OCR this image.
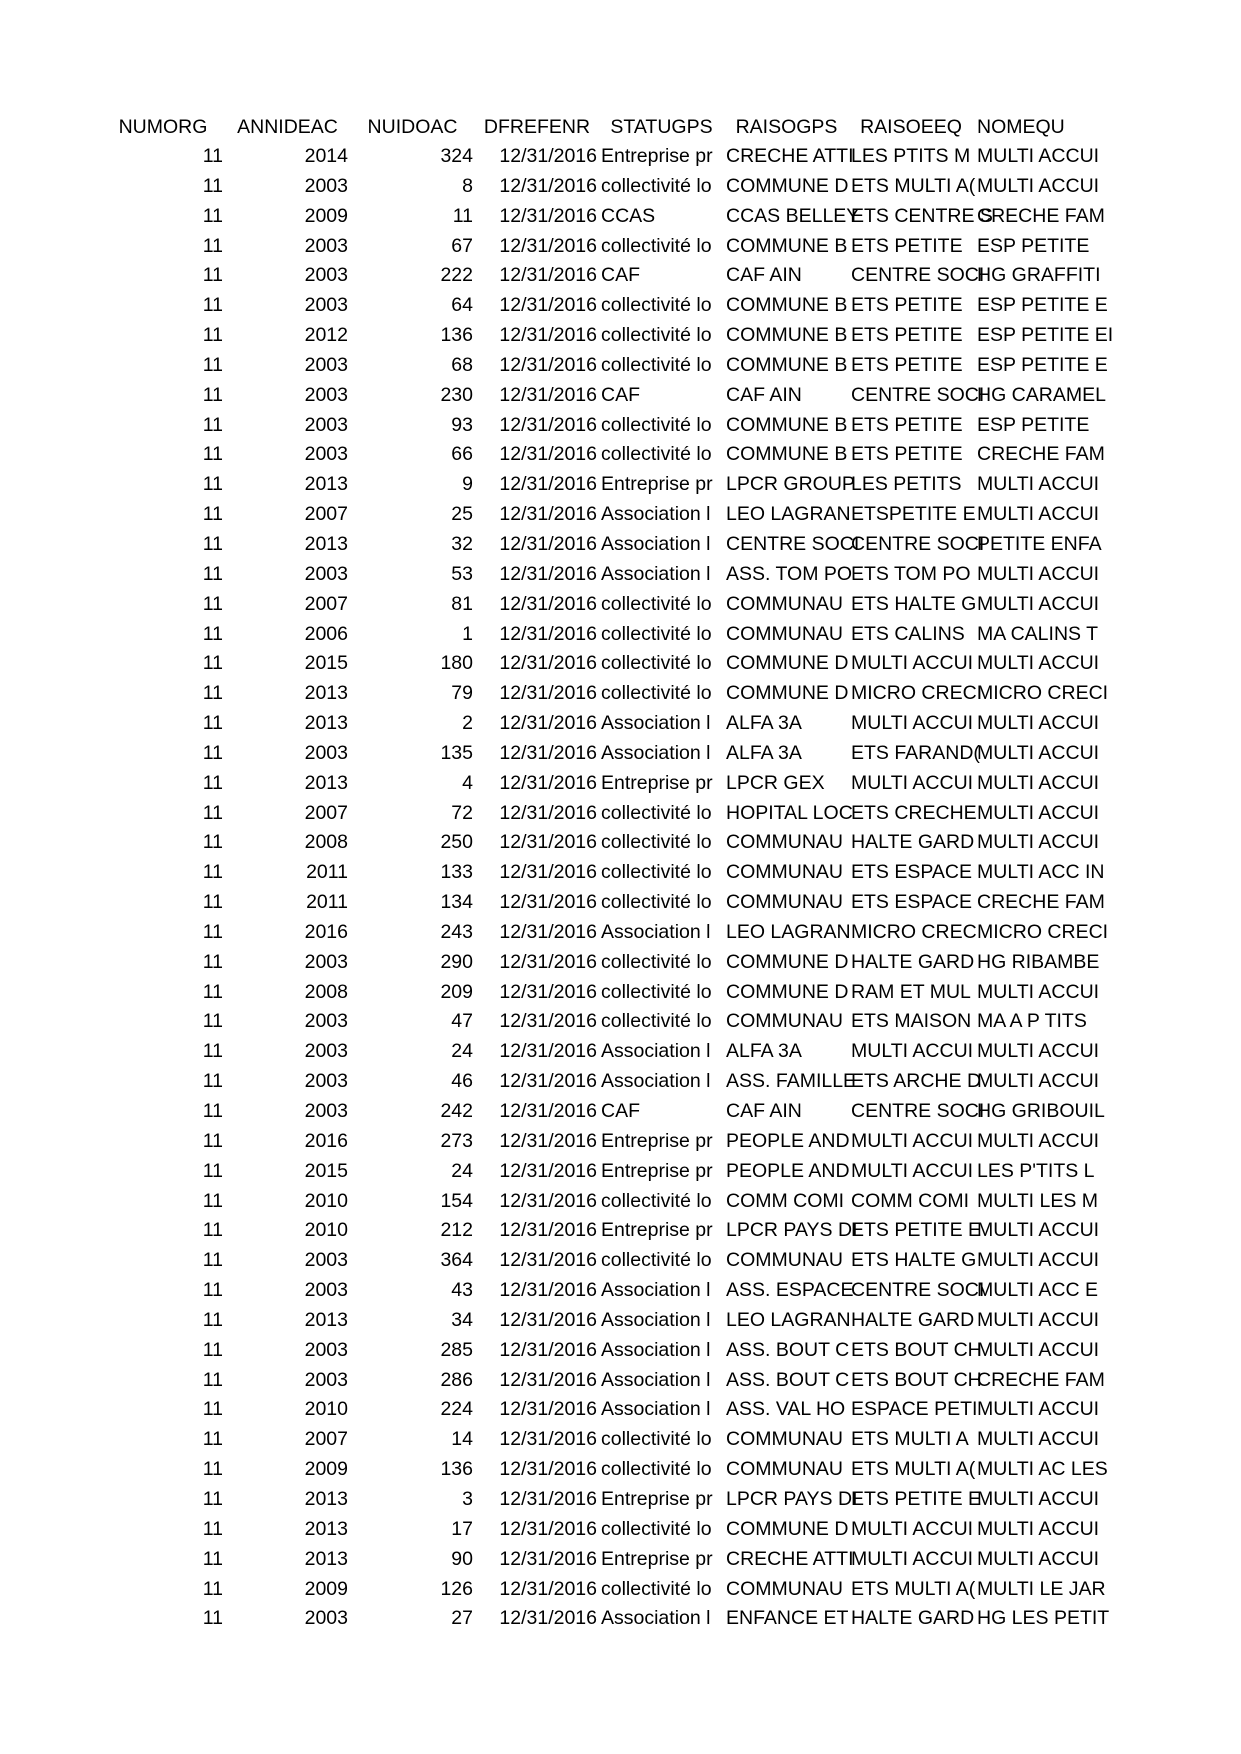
NUMORG	ANNIDEAC	NUIDOAC	DFREFENR	STATUGPS	RAISOGPS	RAISOEEQ	NOMEQU
11	2014	324	12/31/2016	Entreprise pr	CRECHE ATTI	LES PTITS M	MULTI ACCUI
11	2003	8	12/31/2016	collectivité lo	COMMUNE D	ETS MULTI A(	MULTI ACCUI
11	2009	11	12/31/2016	CCAS	CCAS BELLEY	ETS CENTRE S	CRECHE FAM
11	2003	67	12/31/2016	collectivité lo	COMMUNE B	ETS PETITE	ESP PETITE
11	2003	222	12/31/2016	CAF	CAF AIN	CENTRE SOCI	HG GRAFFITI
11	2003	64	12/31/2016	collectivité lo	COMMUNE B	ETS PETITE	ESP PETITE E
11	2012	136	12/31/2016	collectivité lo	COMMUNE B	ETS PETITE	ESP PETITE EI
11	2003	68	12/31/2016	collectivité lo	COMMUNE B	ETS PETITE	ESP PETITE E
11	2003	230	12/31/2016	CAF	CAF AIN	CENTRE SOCI	HG CARAMEL
11	2003	93	12/31/2016	collectivité lo	COMMUNE B	ETS PETITE	ESP PETITE
11	2003	66	12/31/2016	collectivité lo	COMMUNE B	ETS PETITE	CRECHE FAM
11	2013	9	12/31/2016	Entreprise pr	LPCR GROUP	LES PETITS	MULTI ACCUI
11	2007	25	12/31/2016	Association l	LEO LAGRAN	ETSPETITE E	MULTI ACCUI
11	2013	32	12/31/2016	Association l	CENTRE SOCI	CENTRE SOCI	PETITE ENFA
11	2003	53	12/31/2016	Association l	ASS. TOM PO	ETS TOM PO	MULTI ACCUI
11	2007	81	12/31/2016	collectivité lo	COMMUNAU	ETS HALTE G	MULTI ACCUI
11	2006	1	12/31/2016	collectivité lo	COMMUNAU	ETS CALINS	MA CALINS T
11	2015	180	12/31/2016	collectivité lo	COMMUNE D	MULTI ACCUI	MULTI ACCUI
11	2013	79	12/31/2016	collectivité lo	COMMUNE D	MICRO CRECI	MICRO CRECI
11	2013	2	12/31/2016	Association l	ALFA 3A	MULTI ACCUI	MULTI ACCUI
11	2003	135	12/31/2016	Association l	ALFA 3A	ETS FARAND(	MULTI ACCUI
11	2013	4	12/31/2016	Entreprise pr	LPCR GEX	MULTI ACCUI	MULTI ACCUI
11	2007	72	12/31/2016	collectivité lo	HOPITAL LOC	ETS CRECHE	MULTI ACCUI
11	2008	250	12/31/2016	collectivité lo	COMMUNAU	HALTE GARD	MULTI ACCUI
11	2011	133	12/31/2016	collectivité lo	COMMUNAU	ETS ESPACE	MULTI ACC IN
11	2011	134	12/31/2016	collectivité lo	COMMUNAU	ETS ESPACE	CRECHE FAM
11	2016	243	12/31/2016	Association l	LEO LAGRAN	MICRO CREC	MICRO CRECI
11	2003	290	12/31/2016	collectivité lo	COMMUNE D	HALTE GARD	HG RIBAMBE
11	2008	209	12/31/2016	collectivité lo	COMMUNE D	RAM ET MUL	MULTI ACCUI
11	2003	47	12/31/2016	collectivité lo	COMMUNAU	ETS MAISON	MA A P TITS
11	2003	24	12/31/2016	Association l	ALFA 3A	MULTI ACCUI	MULTI ACCUI
11	2003	46	12/31/2016	Association l	ASS. FAMILLE	ETS ARCHE D	MULTI ACCUI
11	2003	242	12/31/2016	CAF	CAF AIN	CENTRE SOCI	HG GRIBOUIL
11	2016	273	12/31/2016	Entreprise pr	PEOPLE AND	MULTI ACCUI	MULTI ACCUI
11	2015	24	12/31/2016	Entreprise pr	PEOPLE AND	MULTI ACCUI	LES P'TITS L
11	2010	154	12/31/2016	collectivité lo	COMM COMI	COMM COMI	MULTI LES M
11	2010	212	12/31/2016	Entreprise pr	LPCR PAYS DI	ETS PETITE E	MULTI ACCUI
11	2003	364	12/31/2016	collectivité lo	COMMUNAU	ETS HALTE G	MULTI ACCUI
11	2003	43	12/31/2016	Association l	ASS. ESPACE	CENTRE SOCI	MULTI ACC E
11	2013	34	12/31/2016	Association l	LEO LAGRAN	HALTE GARD	MULTI ACCUI
11	2003	285	12/31/2016	Association l	ASS. BOUT C	ETS BOUT CH	MULTI ACCUI
11	2003	286	12/31/2016	Association l	ASS. BOUT C	ETS BOUT CH	CRECHE FAM
11	2010	224	12/31/2016	Association l	ASS. VAL HO	ESPACE PETI	MULTI ACCUI
11	2007	14	12/31/2016	collectivité lo	COMMUNAU	ETS MULTI A	MULTI ACCUI
11	2009	136	12/31/2016	collectivité lo	COMMUNAU	ETS MULTI A(	MULTI AC LES
11	2013	3	12/31/2016	Entreprise pr	LPCR PAYS DI	ETS PETITE E	MULTI ACCUI
11	2013	17	12/31/2016	collectivité lo	COMMUNE D	MULTI ACCUI	MULTI ACCUI
11	2013	90	12/31/2016	Entreprise pr	CRECHE ATTI	MULTI ACCUI	MULTI ACCUI
11	2009	126	12/31/2016	collectivité lo	COMMUNAU	ETS MULTI A(	MULTI LE JAR
11	2003	27	12/31/2016	Association l	ENFANCE ET	HALTE GARD	HG LES PETIT
